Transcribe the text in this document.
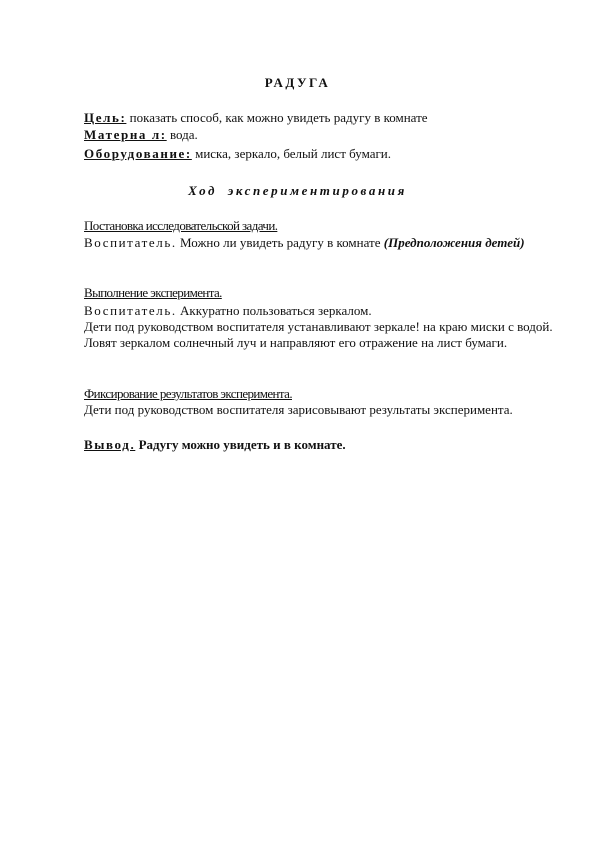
РАДУГА
Цель: показать способ, как можно увидеть радугу в комнате
Матерна л: вода.
Оборудование: миска, зеркало, белый лист бумаги.
Ход экспериментирования
Постановка исследовательской задачи.
Воспитатель. Можно ли увидеть радугу в комнате (Предположения детей)
Выполнение эксперимента.
Воспитатель. Аккуратно пользоваться зеркалом.
Дети под руководством воспитателя устанавливают зеркале! на краю миски с водой. Ловят зеркалом солнечный луч и направляют его отражение на лист бумаги.
Фиксирование результатов эксперимента.
Дети под руководством воспитателя зарисовывают результаты эксперимента.
Вывод. Радугу можно увидеть и в комнате.
